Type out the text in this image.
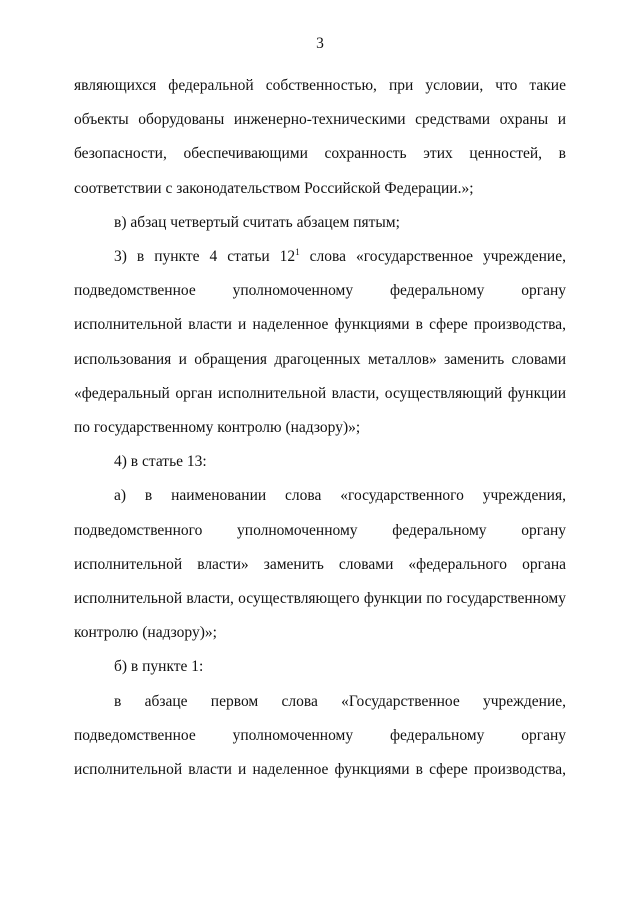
3

являющихся федеральной собственностью, при условии, что такие объекты оборудованы инженерно-техническими средствами охраны и безопасности, обеспечивающими сохранность этих ценностей, в соответствии с законодательством Российской Федерации.»;

в) абзац четвертый считать абзацем пятым;

3) в пункте 4 статьи $12^1$ слова «государственное учреждение, подведомственное уполномоченному федеральному органу исполнительной власти и наделенное функциями в сфере производства, использования и обращения драгоценных металлов» заменить словами «федеральный орган исполнительной власти, осуществляющий функции по государственному контролю (надзору)»;

4) в статье 13:

а) в наименовании слова «государственного учреждения, подведомственного уполномоченному федеральному органу исполнительной власти» заменить словами «федерального органа исполнительной власти, осуществляющего функции по государственному контролю (надзору)»;

б) в пункте 1:

в абзаце первом слова «Государственное учреждение, подведомственное уполномоченному федеральному органу исполнительной власти и наделенное функциями в сфере производства,
